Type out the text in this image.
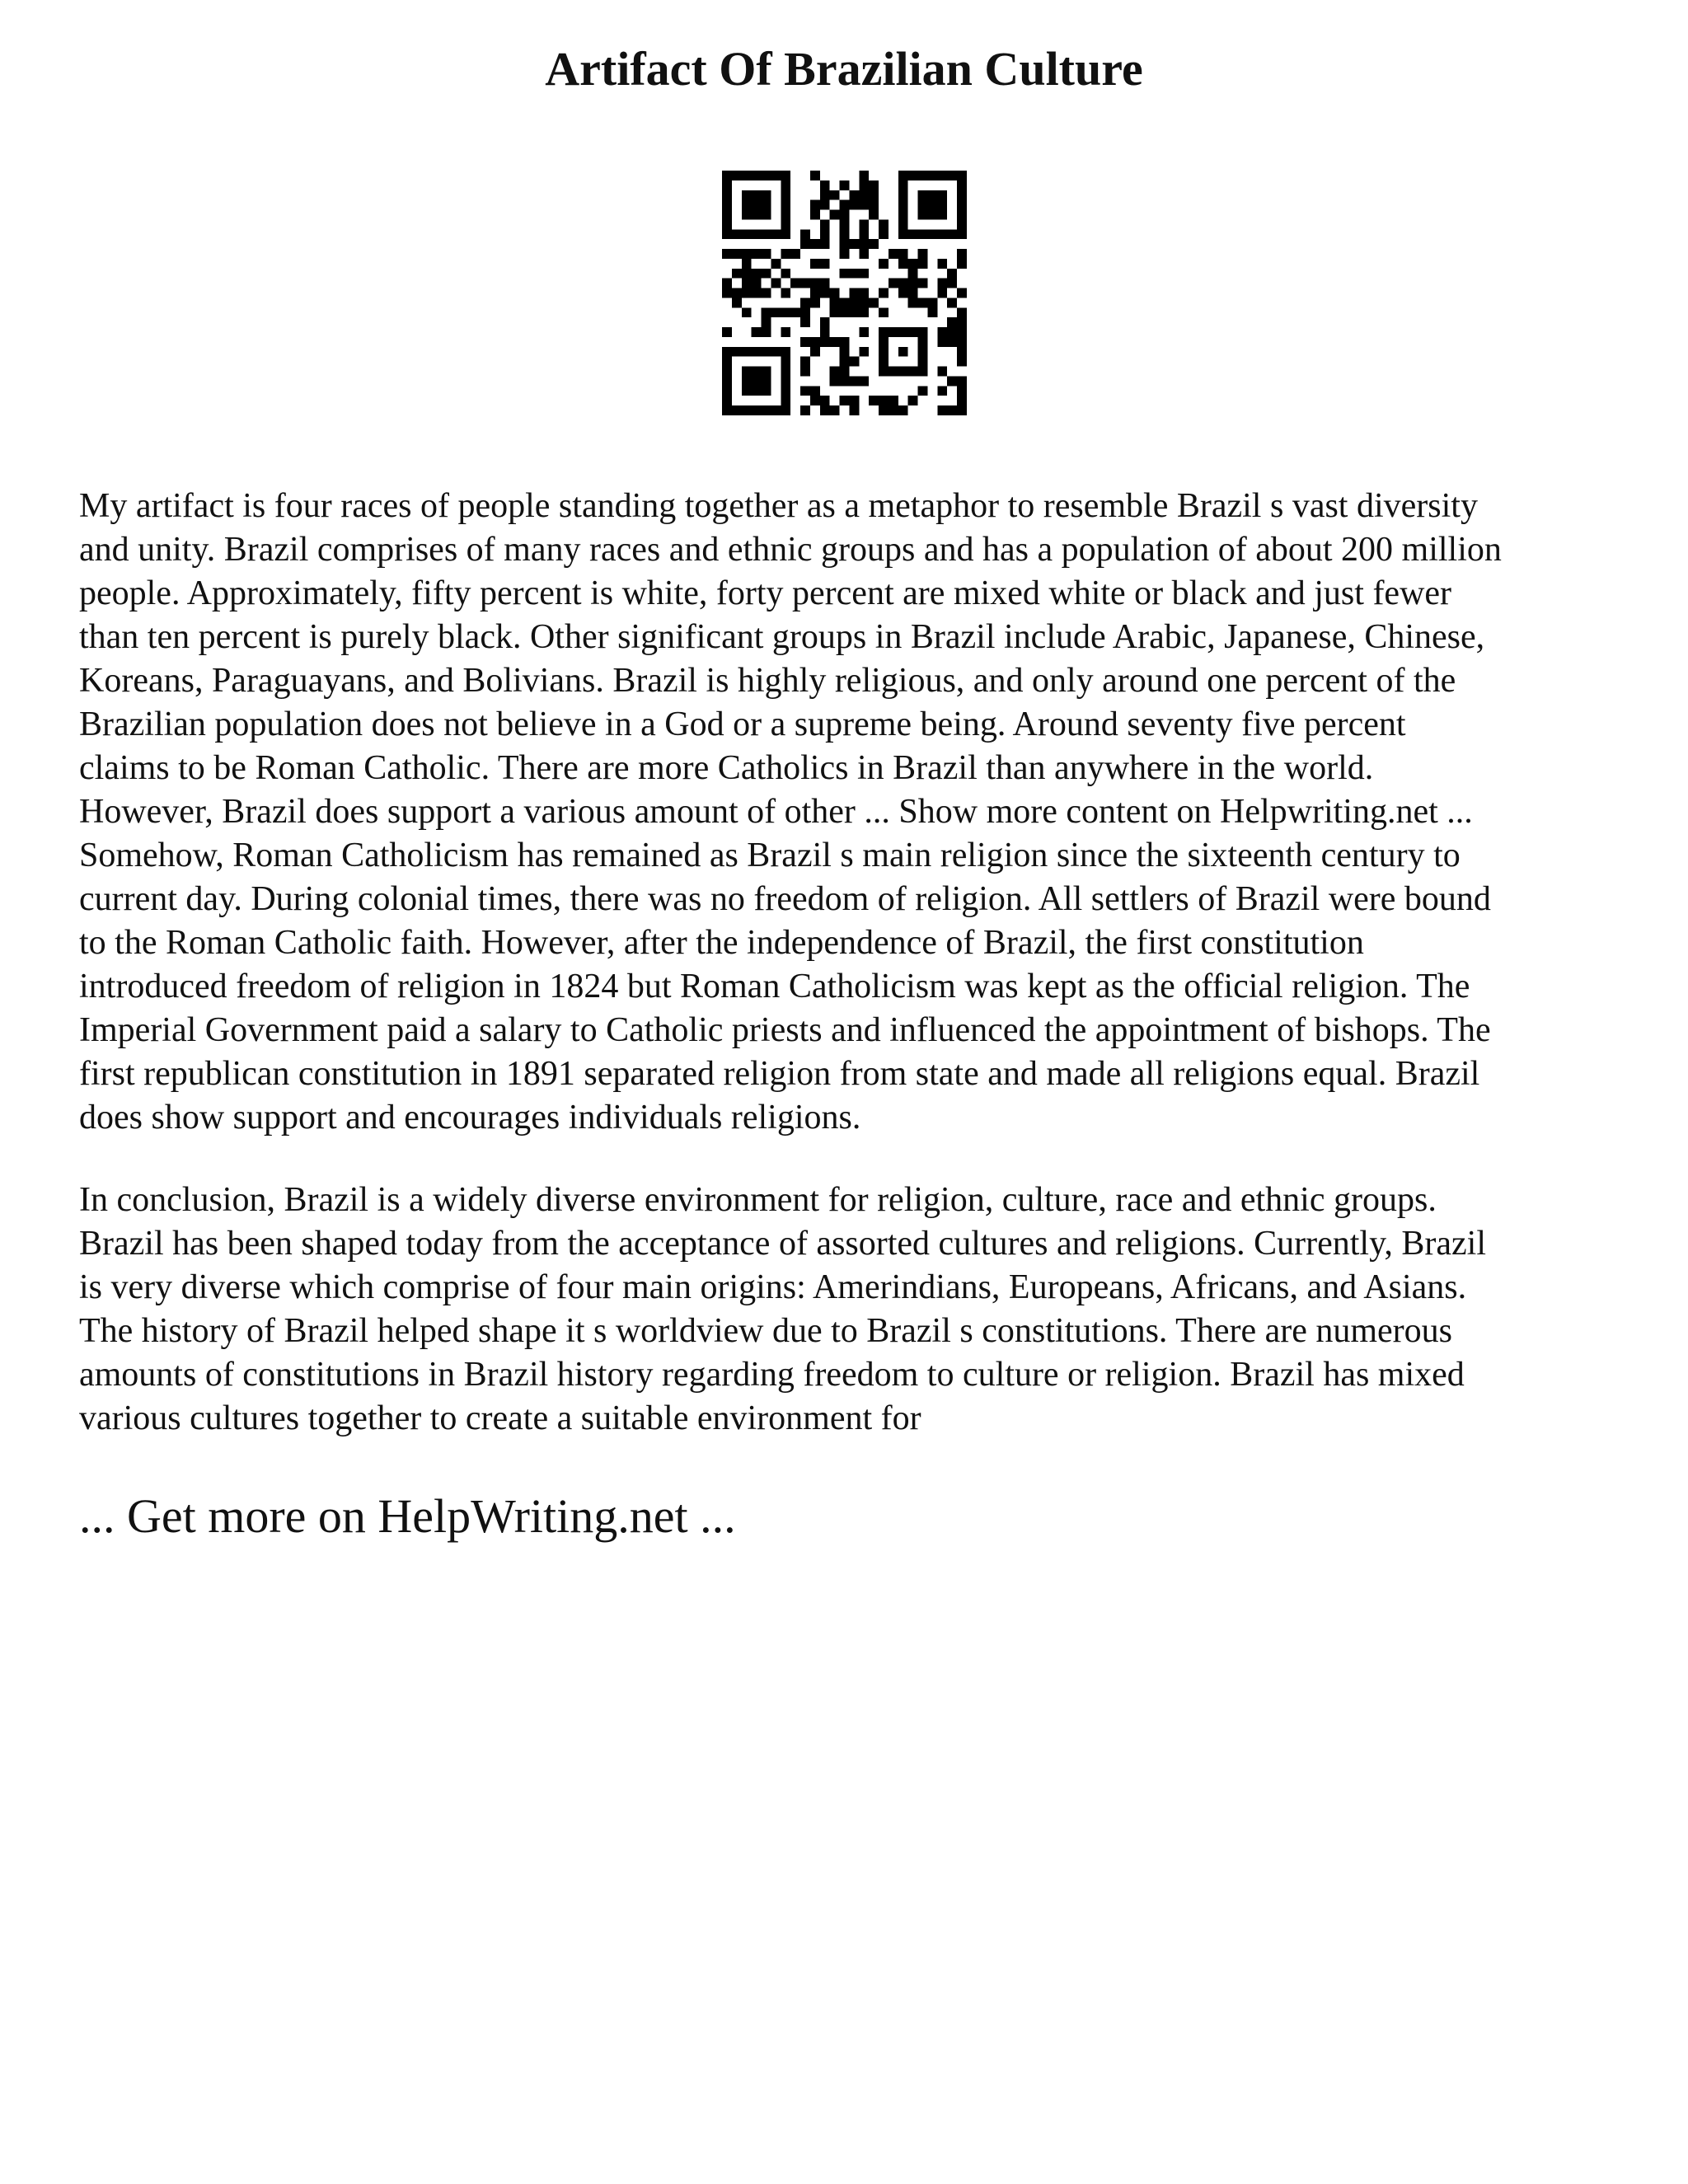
Artifact Of Brazilian Culture

My artifact is four races of people standing together as a metaphor to resemble Brazil s vast diversity
and unity. Brazil comprises of many races and ethnic groups and has a population of about 200 million
people. Approximately, fifty percent is white, forty percent are mixed white or black and just fewer
than ten percent is purely black. Other significant groups in Brazil include Arabic, Japanese, Chinese,
Koreans, Paraguayans, and Bolivians. Brazil is highly religious, and only around one percent of the
Brazilian population does not believe in a God or a supreme being. Around seventy five percent
claims to be Roman Catholic. There are more Catholics in Brazil than anywhere in the world.
However, Brazil does support a various amount of other ... Show more content on Helpwriting.net ...
Somehow, Roman Catholicism has remained as Brazil s main religion since the sixteenth century to
current day. During colonial times, there was no freedom of religion. All settlers of Brazil were bound
to the Roman Catholic faith. However, after the independence of Brazil, the first constitution
introduced freedom of religion in 1824 but Roman Catholicism was kept as the official religion. The
Imperial Government paid a salary to Catholic priests and influenced the appointment of bishops. The
first republican constitution in 1891 separated religion from state and made all religions equal. Brazil
does show support and encourages individuals religions.

In conclusion, Brazil is a widely diverse environment for religion, culture, race and ethnic groups.
Brazil has been shaped today from the acceptance of assorted cultures and religions. Currently, Brazil
is very diverse which comprise of four main origins: Amerindians, Europeans, Africans, and Asians.
The history of Brazil helped shape it s worldview due to Brazil s constitutions. There are numerous
amounts of constitutions in Brazil history regarding freedom to culture or religion. Brazil has mixed
various cultures together to create a suitable environment for

... Get more on HelpWriting.net ...
